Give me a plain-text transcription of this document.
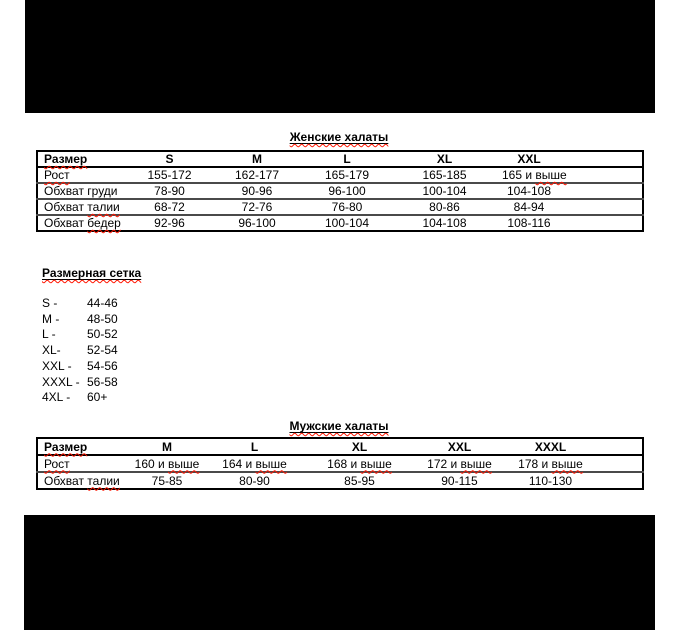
Женские халаты
Размер	S	M	L	XL	XXL
Рост	155-172	162-177	165-179	165-185	165 и выше
Обхват груди	78-90	90-96	96-100	100-104	104-108
Обхват талии	68-72	72-76	76-80	80-86	84-94
Обхват бедер	92-96	96-100	100-104	104-108	108-116
Размерная сетка
S - 44-46
M - 48-50
L -	50-52
XL- 52-54
XXL - 54-56
XXXL - 56-58
4XL - 60+
Мужские халаты
Размер	M	L	XL	XXL	XXXL
Рост	160 и выше	164 и выше	168 и выше	172 и выше	178 и выше
Обхват талии	75-85	80-90	85-95	90-115	110-130
